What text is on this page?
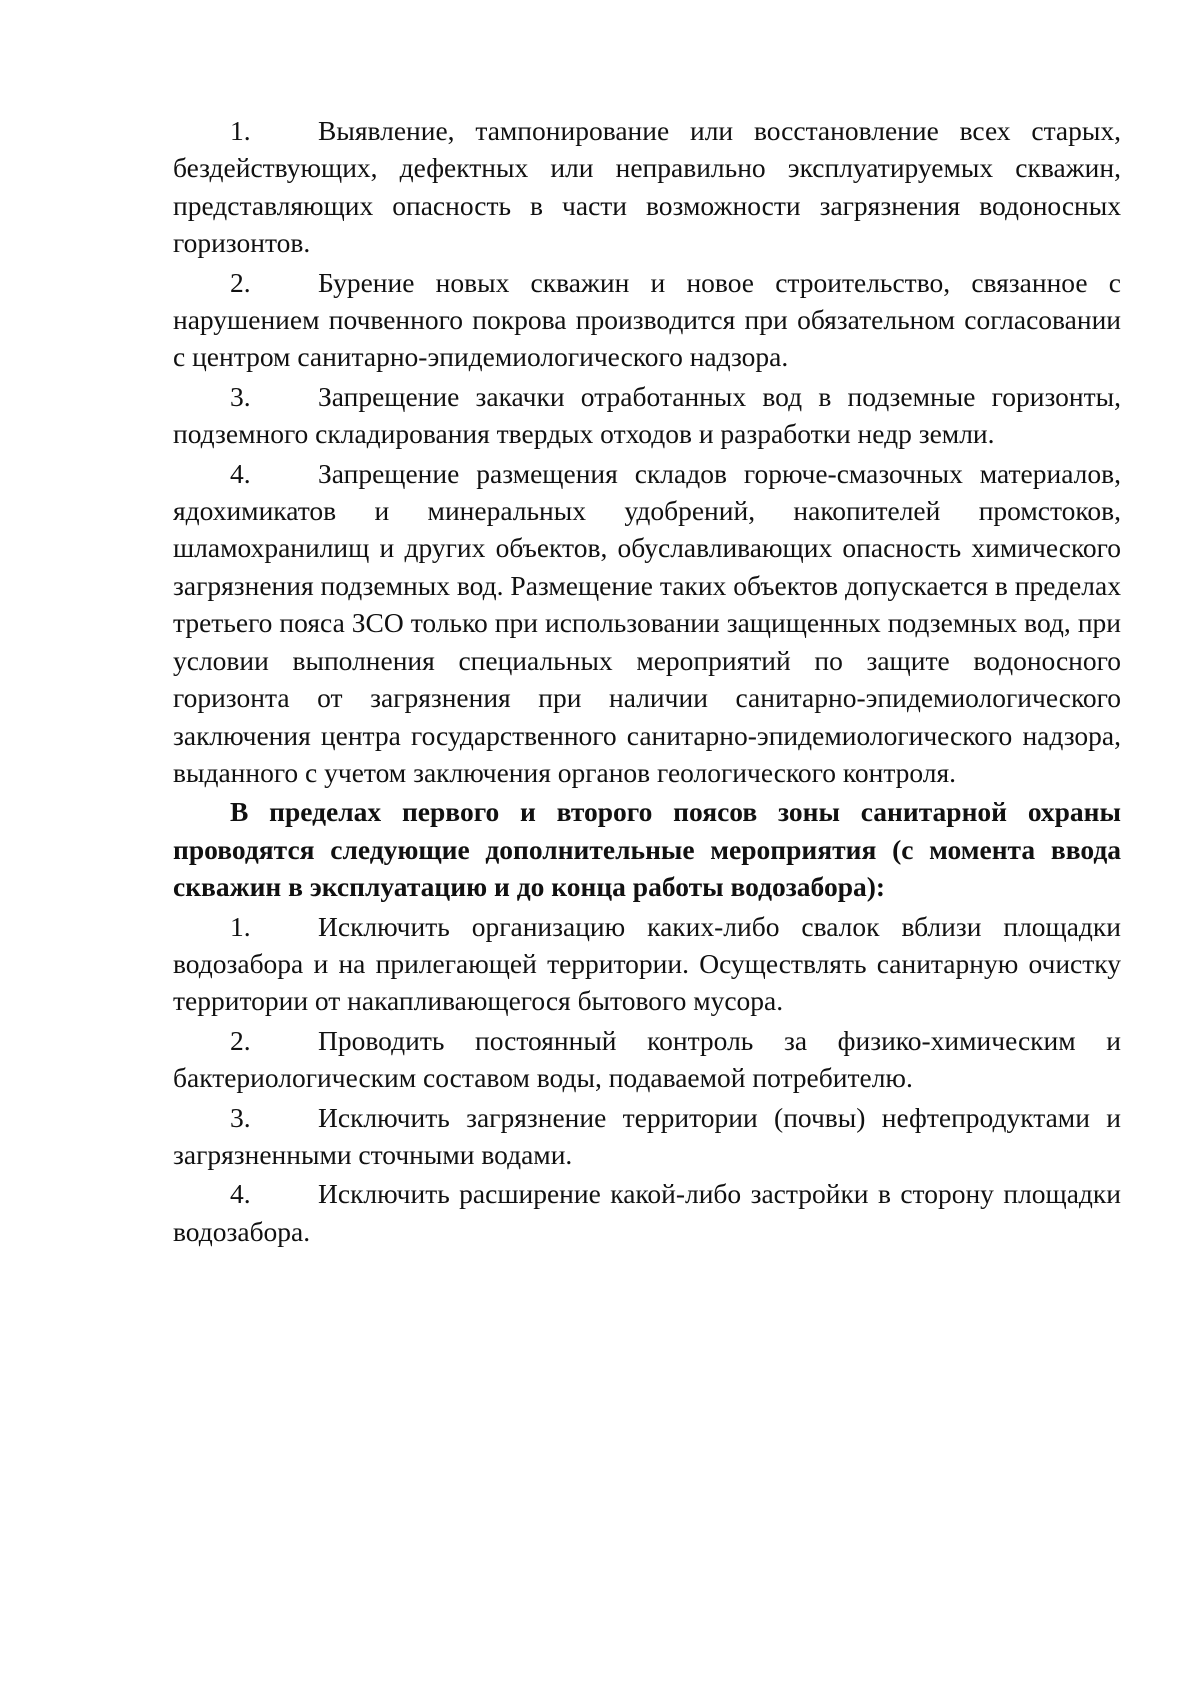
1. Выявление, тампонирование или восстановление всех старых, бездействующих, дефектных или неправильно эксплуатируемых скважин, представляющих опасность в части возможности загрязнения водоносных горизонтов.

2. Бурение новых скважин и новое строительство, связанное с нарушением почвенного покрова производится при обязательном согласовании с центром санитарно-эпидемиологического надзора.

3. Запрещение закачки отработанных вод в подземные горизонты, подземного складирования твердых отходов и разработки недр земли.

4. Запрещение размещения складов горюче-смазочных материалов, ядохимикатов и минеральных удобрений, накопителей промстоков, шламохранилищ и других объектов, обуславливающих опасность химического загрязнения подземных вод. Размещение таких объектов допускается в пределах третьего пояса ЗСО только при использовании защищенных подземных вод, при условии выполнения специальных мероприятий по защите водоносного горизонта от загрязнения при наличии санитарно-эпидемиологического заключения центра государственного санитарно-эпидемиологического надзора, выданного с учетом заключения органов геологического контроля.

В пределах первого и второго поясов зоны санитарной охраны проводятся следующие дополнительные мероприятия (с момента ввода скважин в эксплуатацию и до конца работы водозабора):

1. Исключить организацию каких-либо свалок вблизи площадки водозабора и на прилегающей территории. Осуществлять санитарную очистку территории от накапливающегося бытового мусора.

2. Проводить постоянный контроль за физико-химическим и бактериологическим составом воды, подаваемой потребителю.

3. Исключить загрязнение территории (почвы) нефтепродуктами и загрязненными сточными водами.

4. Исключить расширение какой-либо застройки в сторону площадки водозабора.
